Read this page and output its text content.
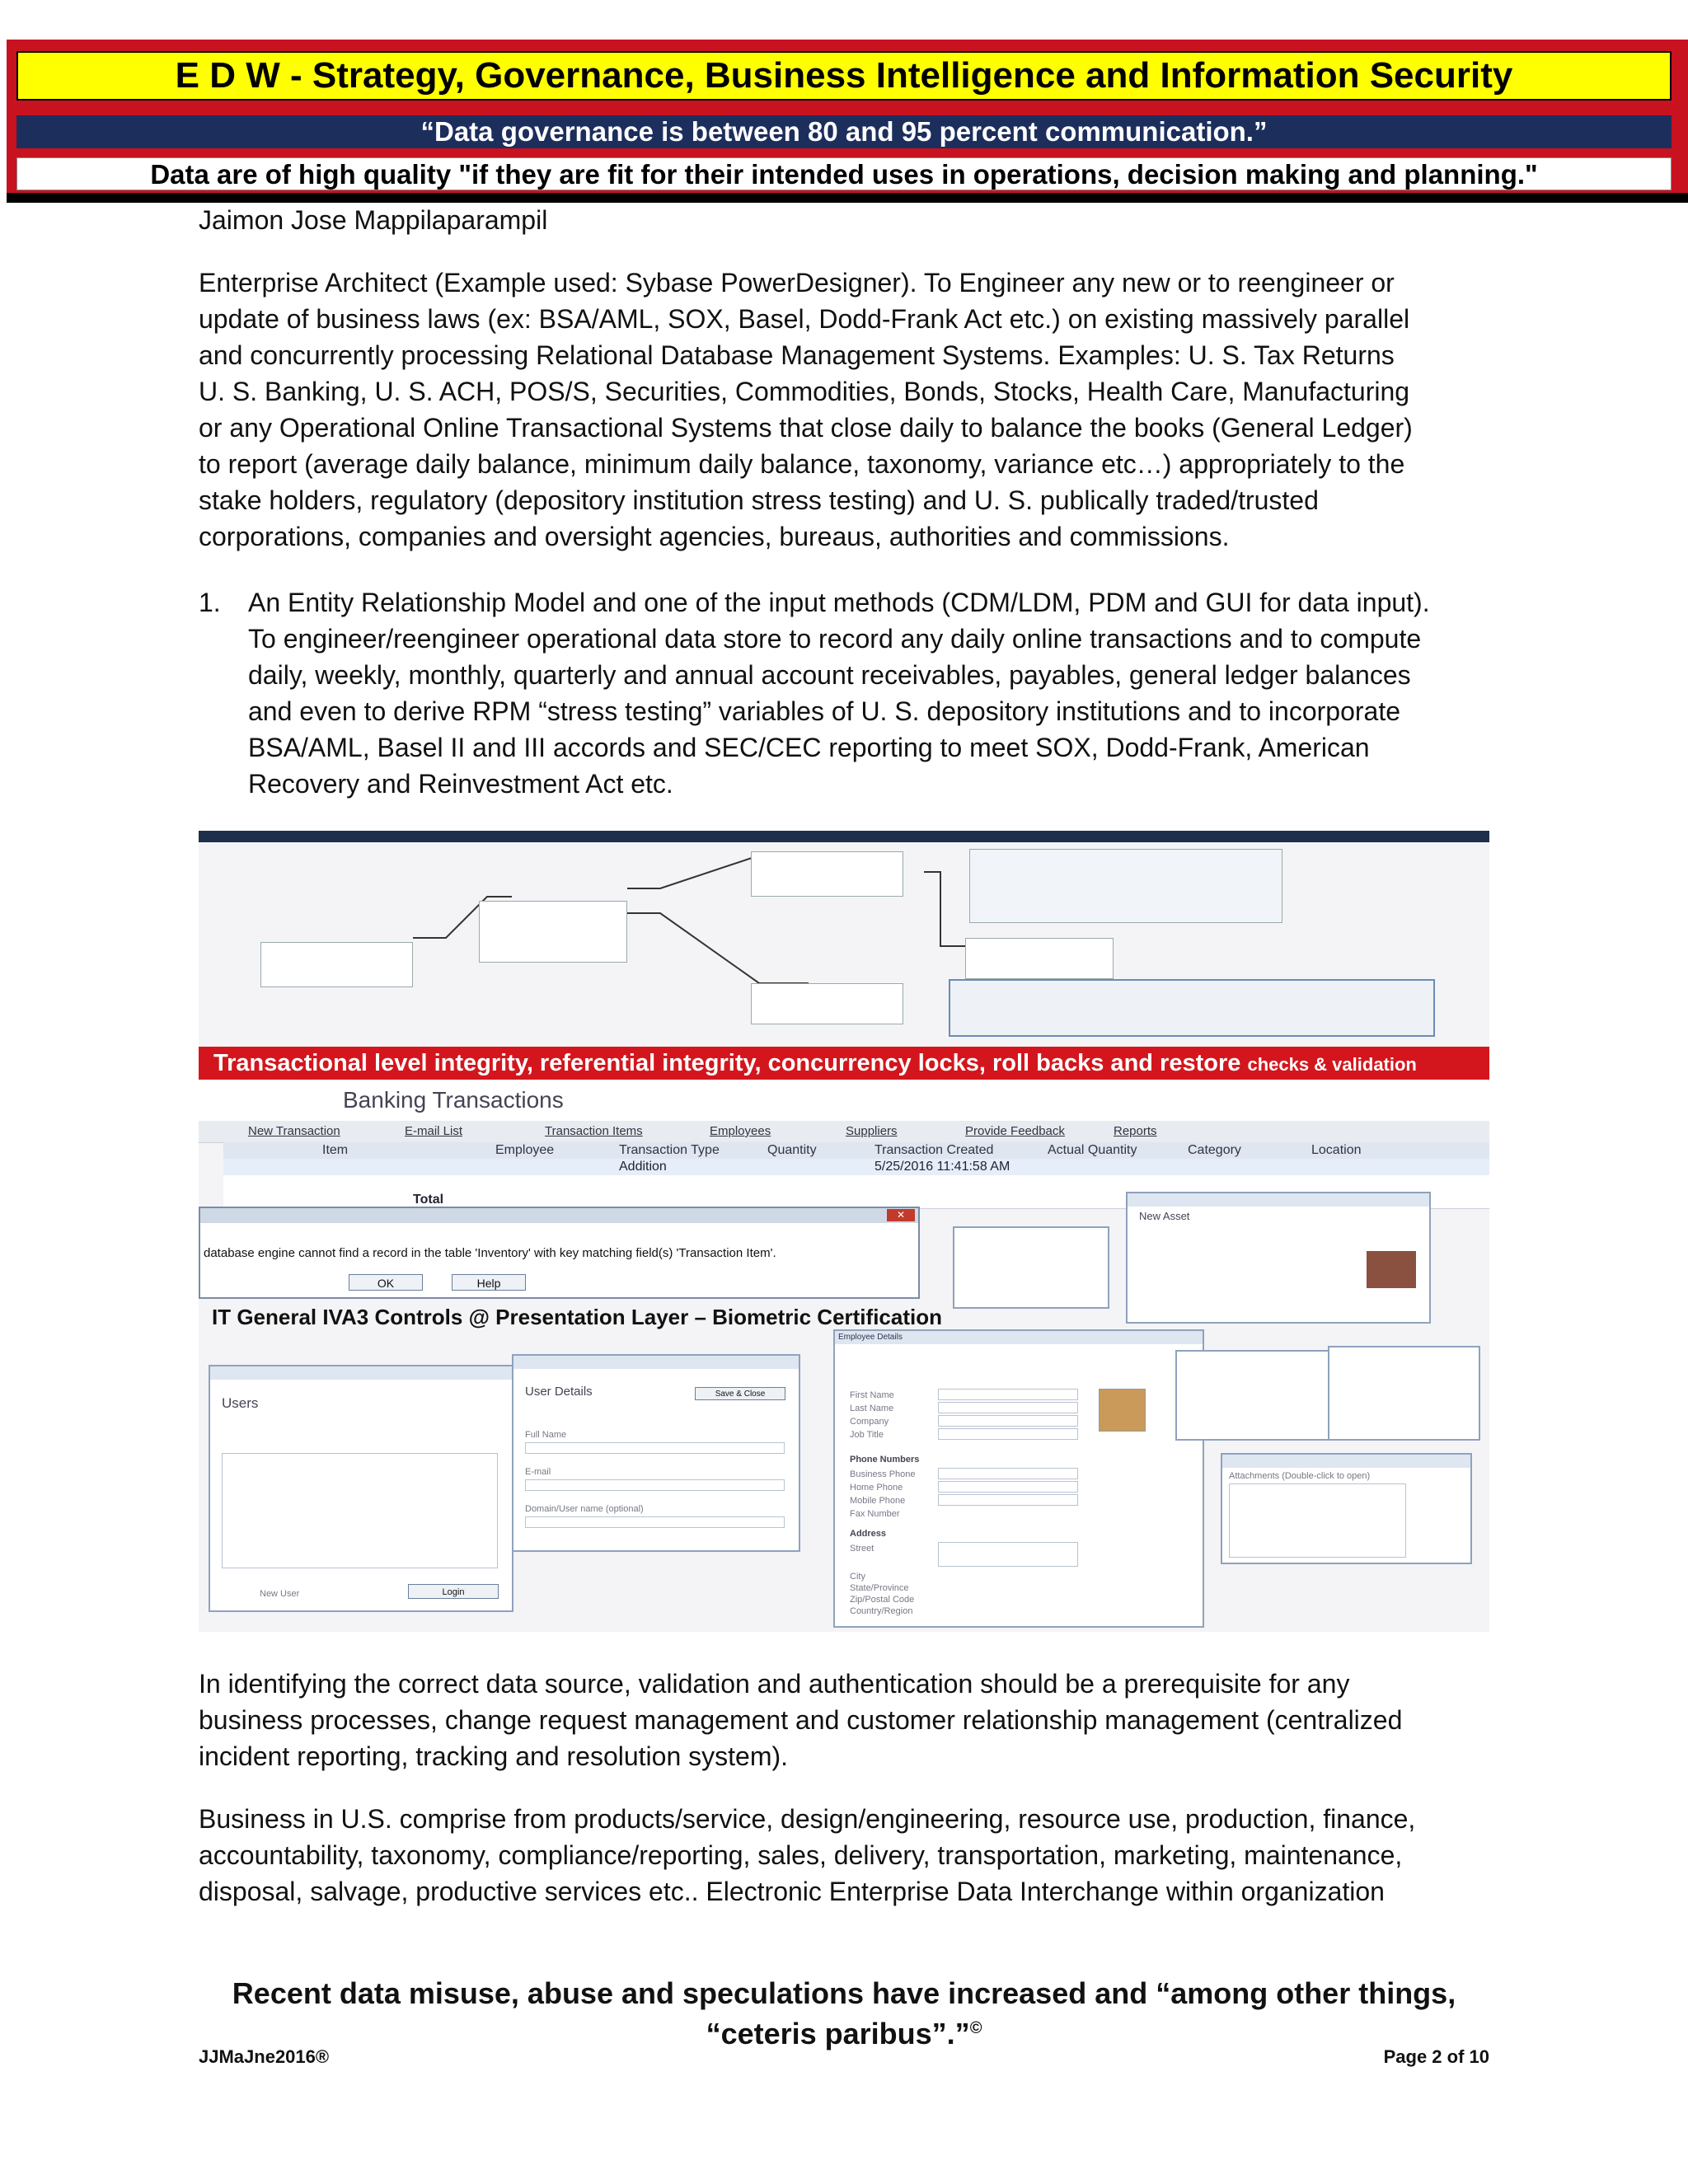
E D W - Strategy, Governance, Business Intelligence and Information Security
“Data governance is between 80 and 95 percent communication.”
Data are of high quality "if they are fit for their intended uses in operations, decision making and planning."
Jaimon Jose Mappilaparampil
Enterprise Architect (Example used: Sybase PowerDesigner). To Engineer any new or to reengineer or
update of business laws (ex: BSA/AML, SOX, Basel, Dodd-Frank Act etc.) on existing massively parallel
and concurrently processing Relational Database Management Systems. Examples: U. S. Tax Returns
U. S. Banking, U. S. ACH, POS/S, Securities, Commodities, Bonds, Stocks, Health Care, Manufacturing
or any Operational Online Transactional Systems that close daily to balance the books (General Ledger)
to report (average daily balance, minimum daily balance, taxonomy, variance etc…) appropriately to the
stake holders, regulatory (depository institution stress testing) and U. S. publically traded/trusted
corporations, companies and oversight agencies, bureaus, authorities and commissions.
1. An Entity Relationship Model and one of the input methods (CDM/LDM, PDM and GUI for data input).
To engineer/reengineer operational data store to record any daily online transactions and to compute
daily, weekly, monthly, quarterly and annual account receivables, payables, general ledger balances
and even to derive RPM “stress testing” variables of U. S. depository institutions and to incorporate
BSA/AML, Basel II and III accords and SEC/CEC reporting to meet SOX, Dodd-Frank, American
Recovery and Reinvestment Act etc.
Transactional level integrity, referential integrity, concurrency locks, roll backs and restore checks & validation
Banking Transactions
New Transaction	E-mail List	Transaction Items	Employees	Suppliers	Provide Feedback	Reports
Item	Employee	Transaction Type	Quantity	Transaction Created	Actual Quantity	Category	Location
Addition	5/25/2016 11:41:58 AM
Total
✕
database engine cannot find a record in the table 'Inventory' with key matching field(s) 'Transaction Item'.
OK	Help
New Asset
IT General IVA3 Controls @ Presentation Layer – Biometric Certification
Users
New User	Login
User Details	Save & Close
Full Name
E-mail
Domain/User name (optional)
Employee Details
First Name
Last Name
Company
Job Title
Phone Numbers
Business Phone
Home Phone
Mobile Phone
Fax Number
Address
Street
City
State/Province
Zip/Postal Code
Country/Region
Attachments (Double-click to open)
In identifying the correct data source, validation and authentication should be a prerequisite for any
business processes, change request management and customer relationship management (centralized
incident reporting, tracking and resolution system).
Business in U.S. comprise from products/service, design/engineering, resource use, production, finance,
accountability, taxonomy, compliance/reporting, sales, delivery, transportation, marketing, maintenance,
disposal, salvage, productive services etc.. Electronic Enterprise Data Interchange within organization
Recent data misuse, abuse and speculations have increased and “among other things,
“ceteris paribus”.”©
JJMaJne2016®	Page 2 of 10
